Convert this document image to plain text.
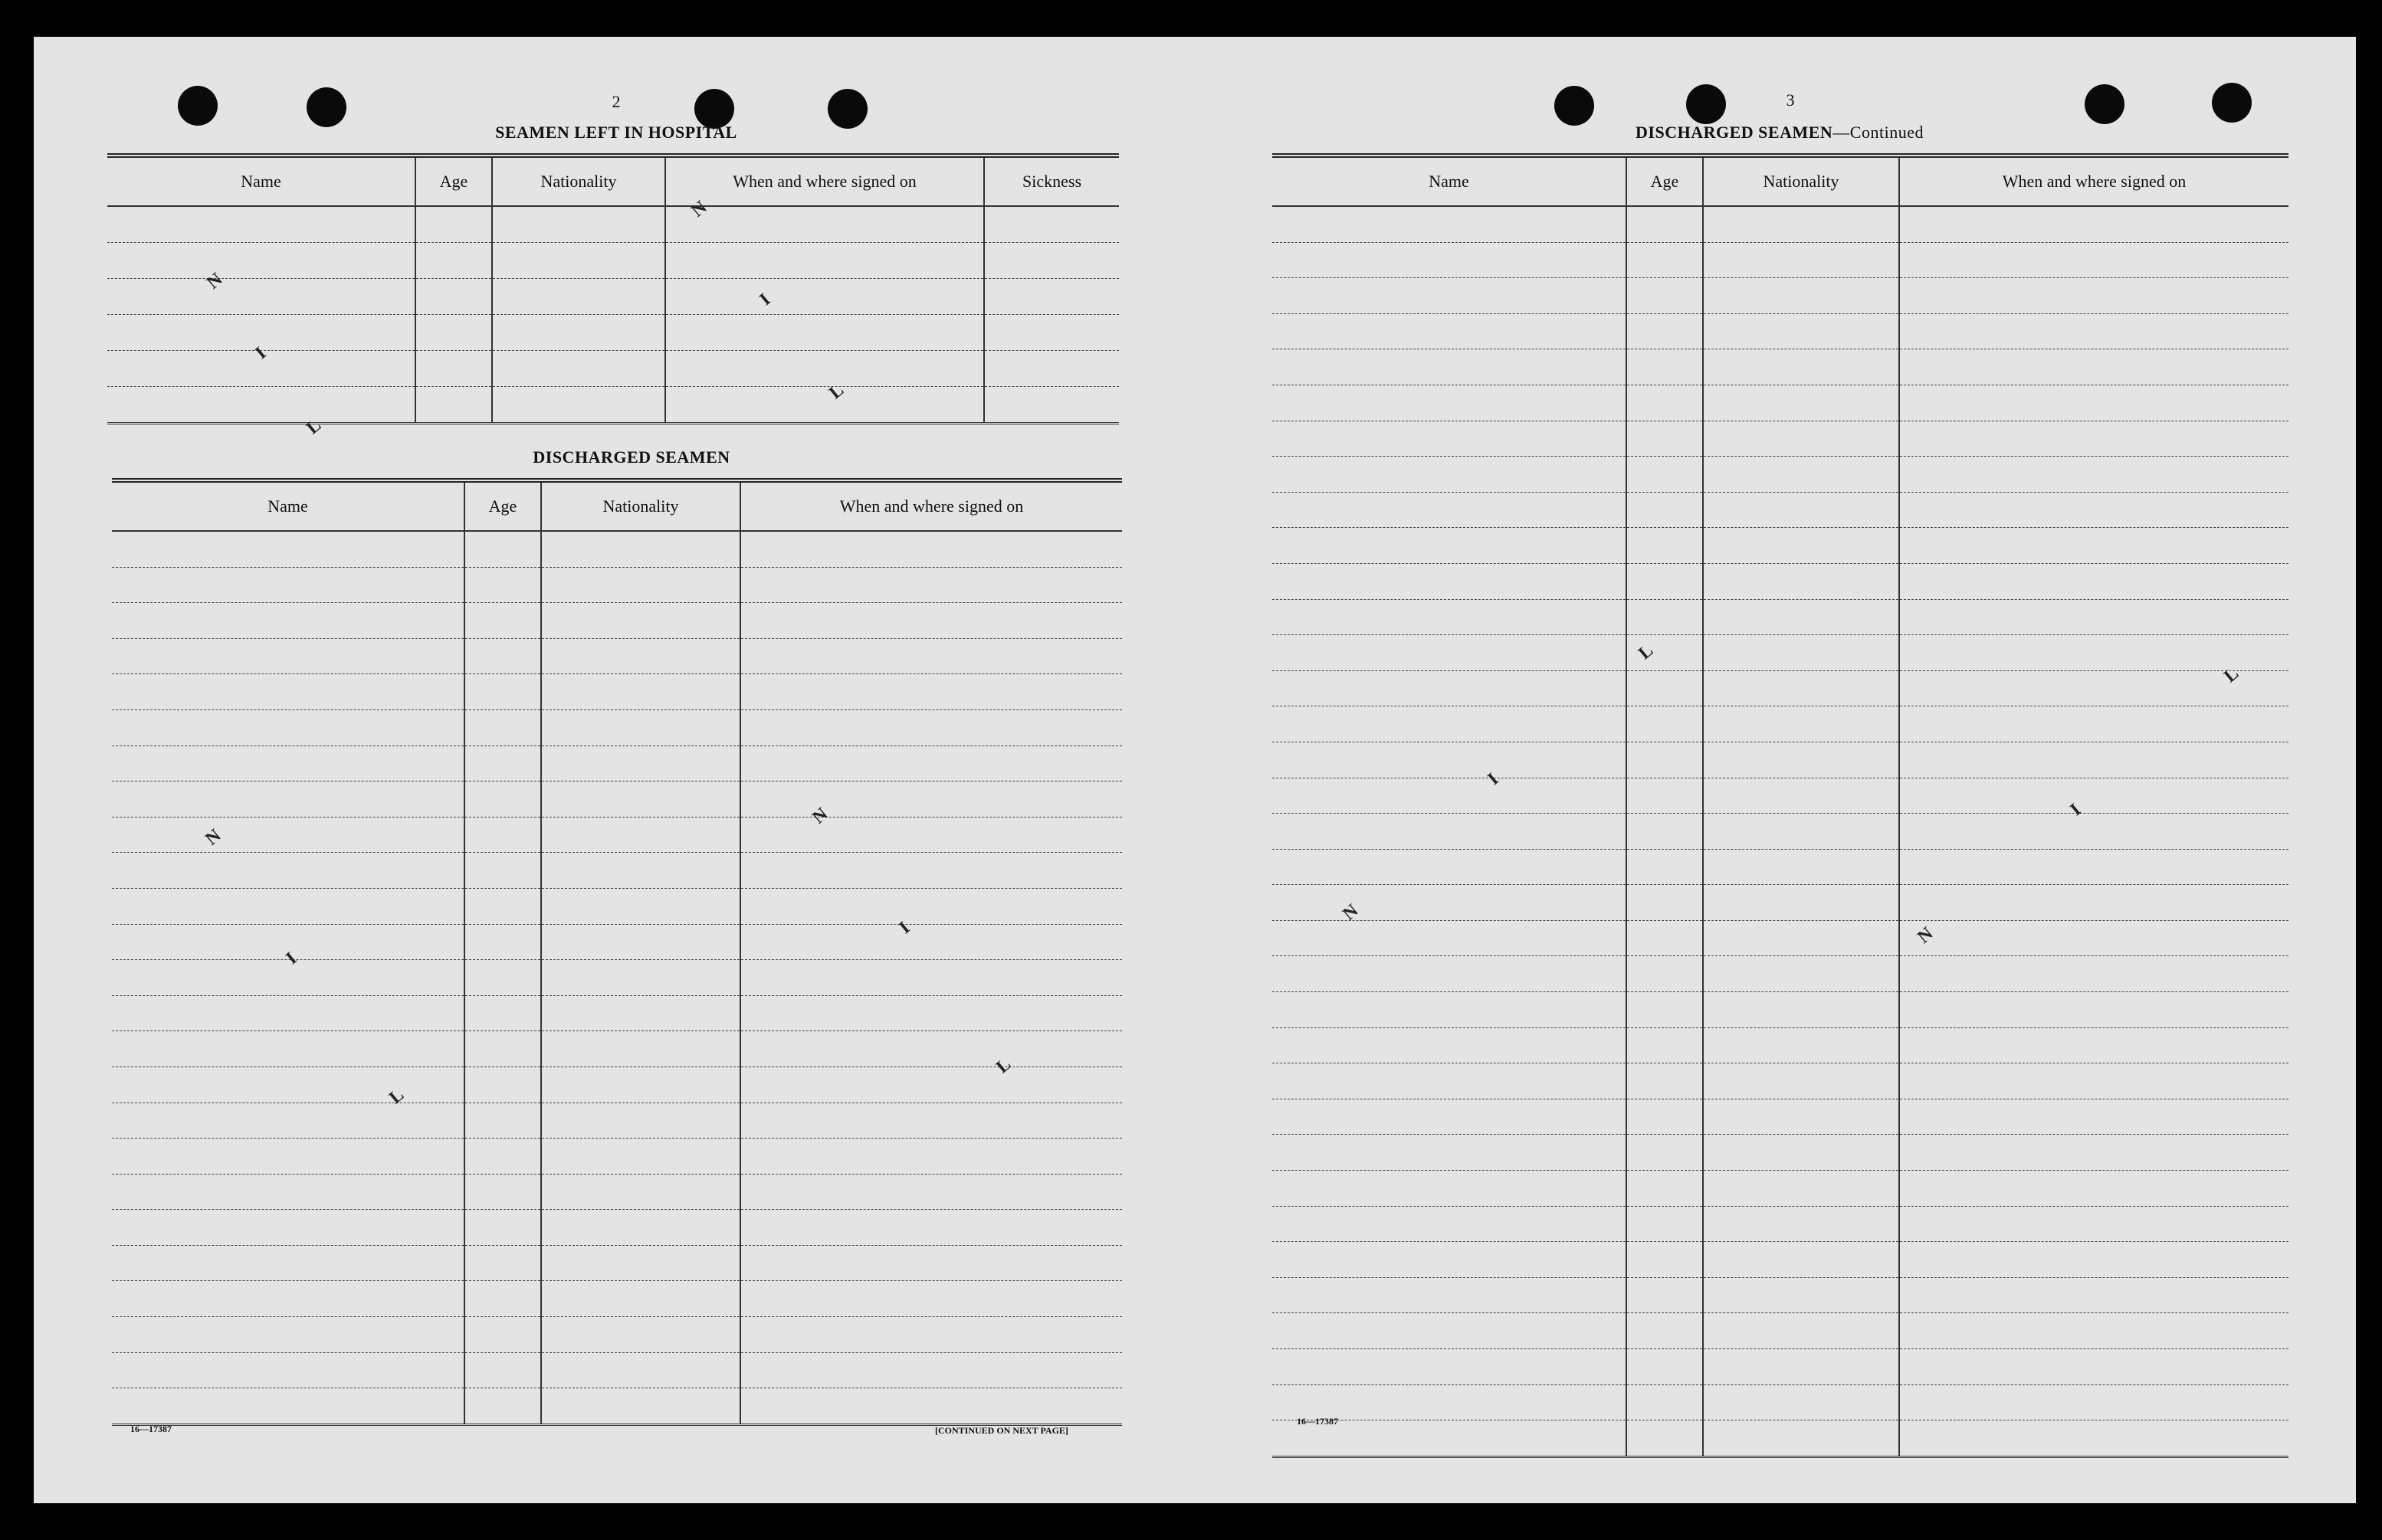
2
SEAMEN LEFT IN HOSPITAL
Name	Age	Nationality	When and where signed on	Sickness

DISCHARGED SEAMEN
Name	Age	Nationality	When and where signed on

16—17387	[CONTINUED ON NEXT PAGE]
3
DISCHARGED SEAMEN—Continued
Name	Age	Nationality	When and where signed on

16—17387
N
I
L
N
I
L
N
I
L
N
I
L
N
I
L
N
I
L
